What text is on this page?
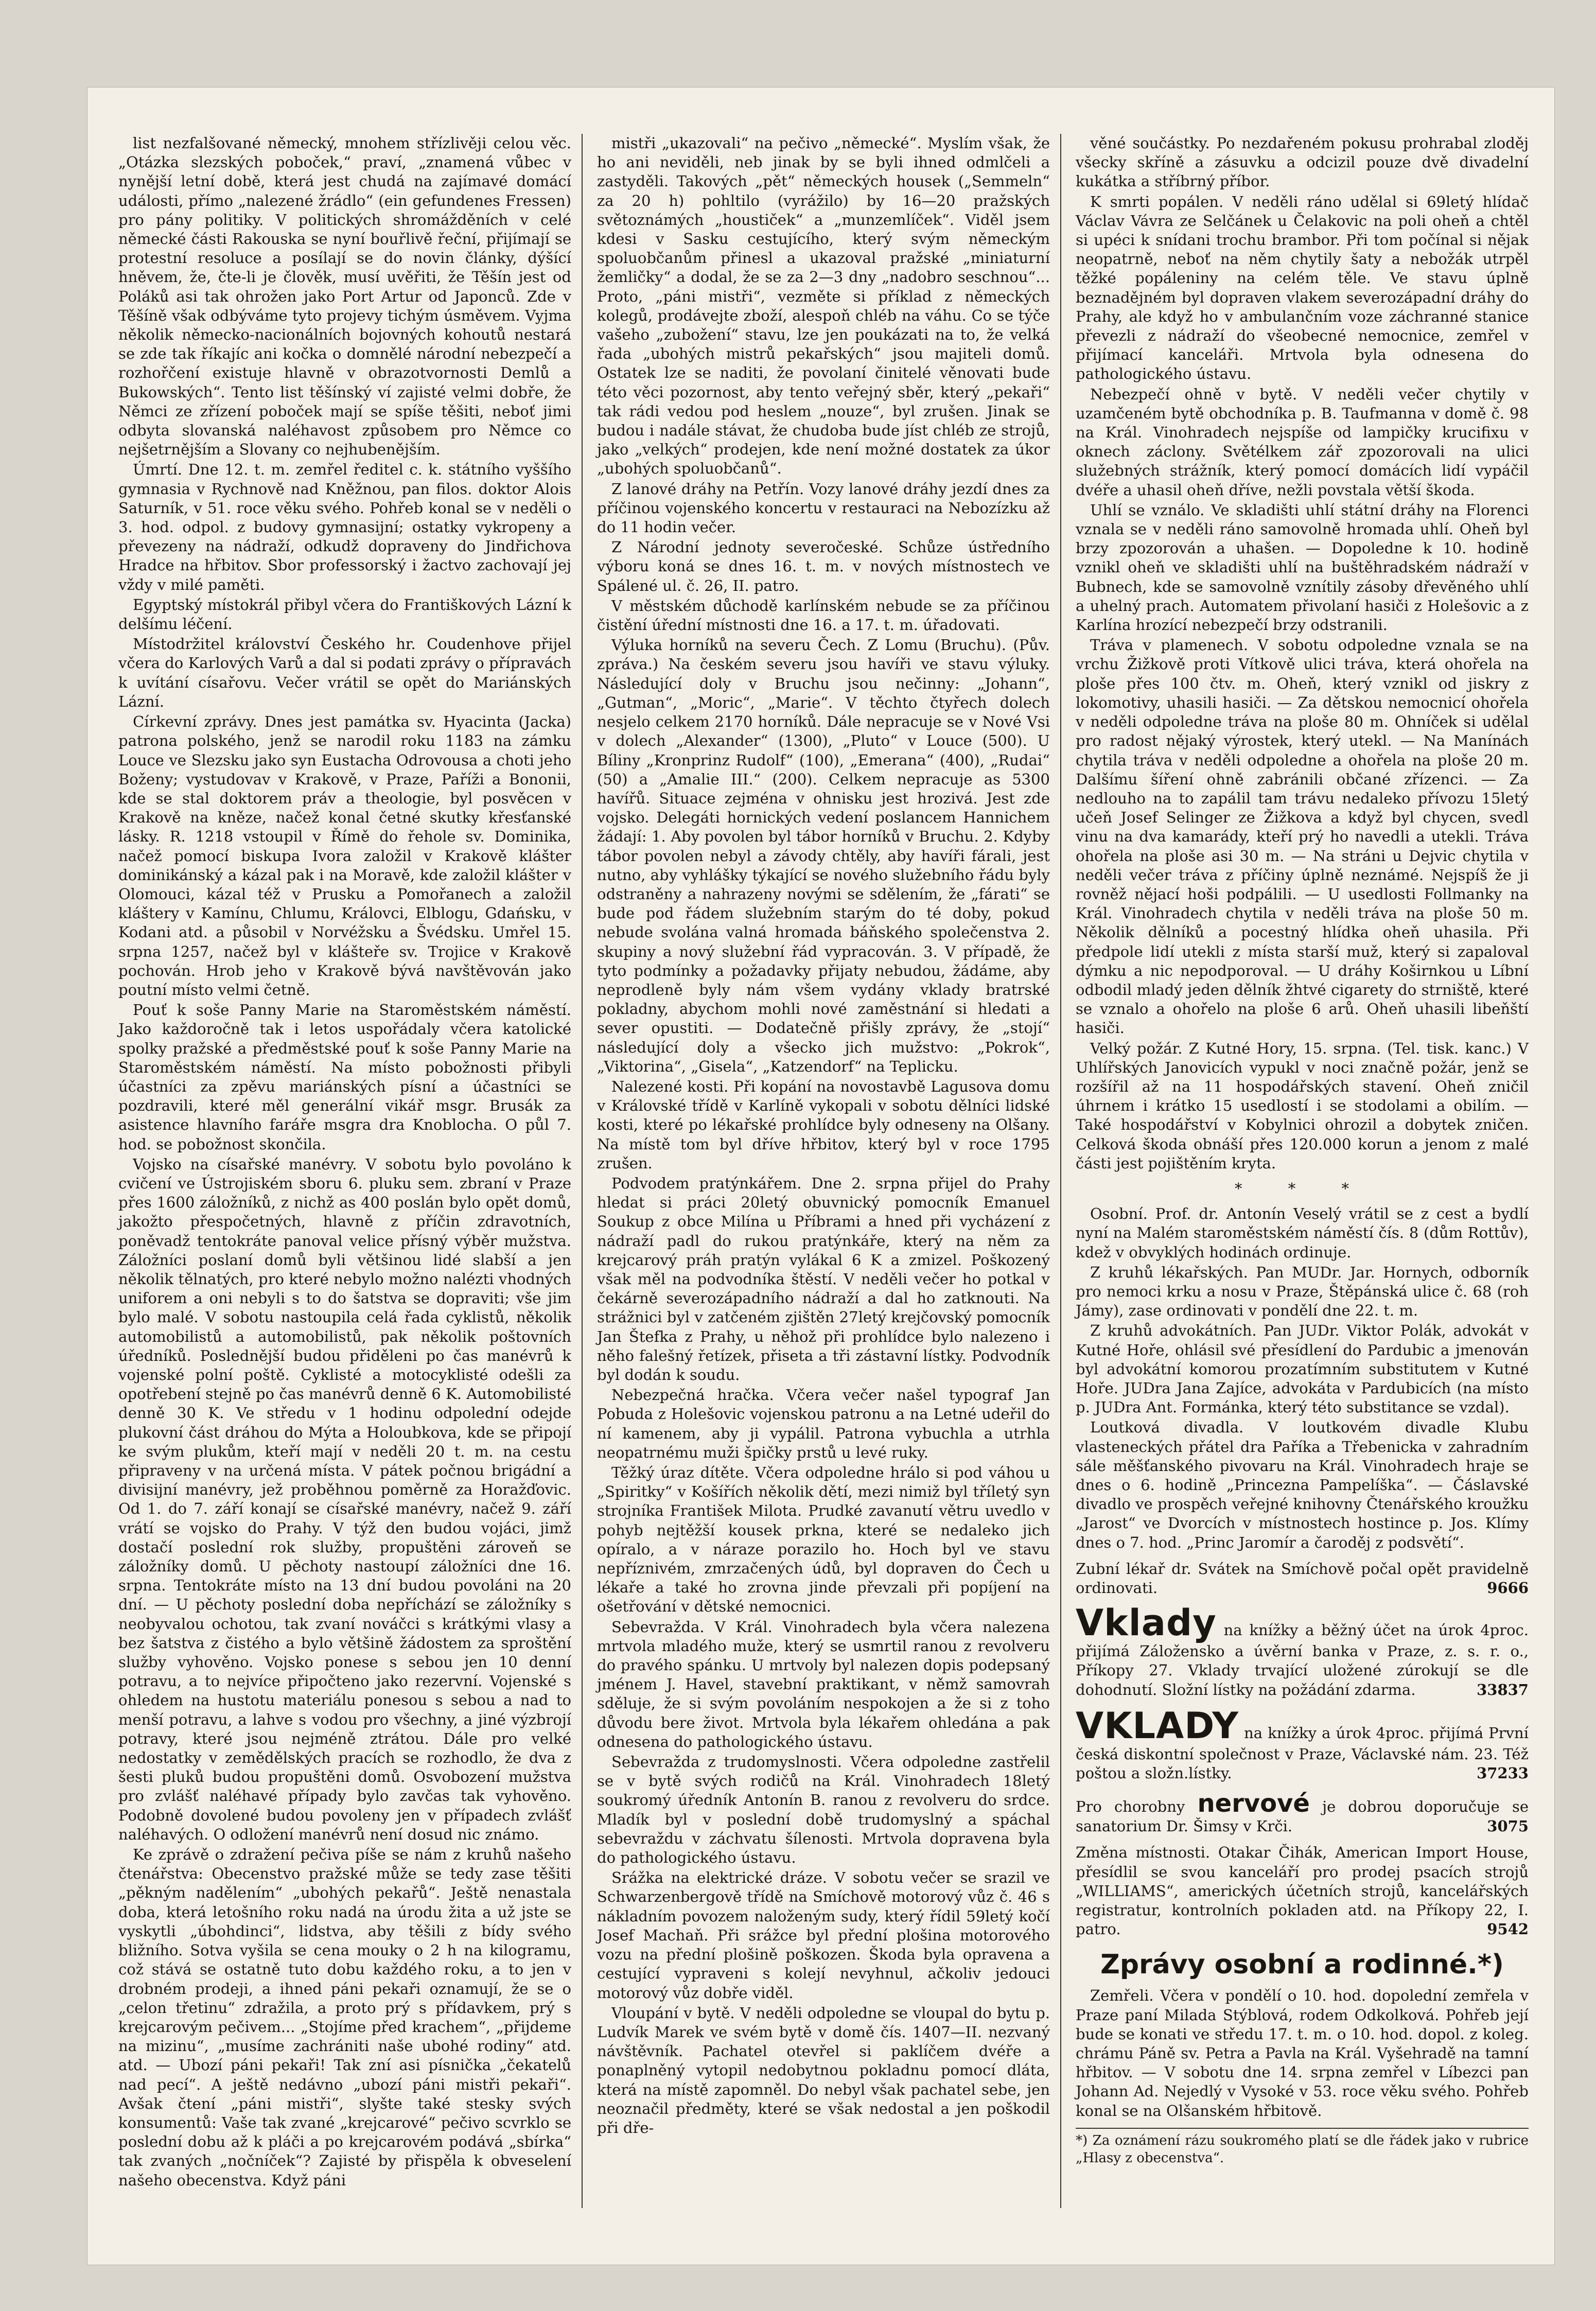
list nezfalšované německý, mnohem střízlivěji celou věc. „Otázka slezských poboček,“ praví, „znamená vůbec v nynější letní době, která jest chudá na zajímavé domácí události, přímo „nalezené žrádlo“ (ein gefundenes Fressen) pro pány politiky. V politických shromážděních v celé německé části Rakouska se nyní bouřlivě řeční, přijímají se protestní resoluce a posílají se do novin články, dýšící hněvem, že, čte-li je člověk, musí uvěřiti, že Těšín jest od Poláků asi tak ohrožen jako Port Artur od Japonců. Zde v Těšíně však odbýváme tyto projevy tichým úsměvem. Vyjma několik německo-nacionálních bojovných kohoutů nestará se zde tak říkajíc ani kočka o domnělé národní nebezpečí a rozhořčení existuje hlavně v obrazotvornosti Demlů a Bukowských“. Tento list těšínský ví zajisté velmi dobře, že Němci ze zřízení poboček mají se spíše těšiti, neboť jimi odbyta slovanská naléhavost způsobem pro Němce co nejšetrnějším a Slovany co nejhubenějším.

Úmrtí. Dne 12. t. m. zemřel ředitel c. k. státního vyššího gymnasia v Rychnově nad Kněžnou, pan filos. doktor Alois Saturník, v 51. roce věku svého. Pohřeb konal se v neděli o 3. hod. odpol. z budovy gymnasijní; ostatky vykropeny a převezeny na nádraží, odkudž dopraveny do Jindřichova Hradce na hřbitov. Sbor professorský i žactvo zachovají jej vždy v milé paměti.

Egyptský místokrál přibyl včera do Františkových Lázní k delšímu léčení.

Místodržitel království Českého hr. Coudenhove přijel včera do Karlových Varů a dal si podati zprávy o přípravách k uvítání císařovu. Večer vrátil se opět do Mariánských Lázní.

Církevní zprávy. Dnes jest památka sv. Hyacinta (Jacka) patrona polského, jenž se narodil roku 1183 na zámku Louce ve Slezsku jako syn Eustacha Odrovousa a choti jeho Boženy; vystudovav v Krakově, v Praze, Paříži a Bononii, kde se stal doktorem práv a theologie, byl posvěcen v Krakově na kněze, načež konal četné skutky křesťanské lásky. R. 1218 vstoupil v Římě do řehole sv. Dominika, načež pomocí biskupa Ivora založil v Krakově klášter dominikánský a kázal pak i na Moravě, kde založil klášter v Olomouci, kázal též v Prusku a Pomořanech a založil kláštery v Kamínu, Chlumu, Královci, Elblogu, Gdańsku, v Kodani atd. a působil v Norvéžsku a Švédsku. Umřel 15. srpna 1257, načež byl v klášteře sv. Trojice v Krakově pochován. Hrob jeho v Krakově bývá navštěvován jako poutní místo velmi četně.

Pouť k soše Panny Marie na Staroměstském náměstí. Jako každoročně tak i letos uspořádaly včera katolické spolky pražské a předměstské pouť k soše Panny Marie na Staroměstském náměstí. Na místo pobožnosti přibyli účastníci za zpěvu mariánských písní a účastníci se pozdravili, které měl generální vikář msgr. Brusák za asistence hlavního faráře msgra dra Knoblocha. O půl 7. hod. se pobožnost skončila.

Vojsko na císařské manévry. V sobotu bylo povoláno k cvičení ve Ústrojiském sboru 6. pluku sem. zbraní v Praze přes 1600 záložníků, z nichž as 400 poslán bylo opět domů, jakožto přespočetných, hlavně z příčin zdravotních, poněvadž tentokráte panoval velice přísný výběr mužstva. Záložníci poslaní domů byli většinou lidé slabší a jen několik tělnatých, pro které nebylo možno nalézti vhodných uniforem a oni nebyli s to do šatstva se dopraviti; vše jim bylo malé. V sobotu nastoupila celá řada cyklistů, několik automobilistů a automobilistů, pak několik poštovních úředníků. Poslednější budou přiděleni po čas manévrů k vojenské polní poště. Cyklisté a motocyklisté odešli za opotřebení stejně po čas manévrů denně 6 K. Automobilisté denně 30 K. Ve středu v 1 hodinu odpolední odejde plukovní část dráhou do Mýta a Holoubkova, kde se připojí ke svým plukům, kteří mají v neděli 20 t. m. na cestu připraveny v na určená místa. V pátek počnou brigádní a divisijní manévry, jež proběhnou poměrně za Horažďovic. Od 1. do 7. září konají se císařské manévry, načež 9. září vrátí se vojsko do Prahy. V týž den budou vojáci, jimž dostačí poslední rok služby, propuštěni zároveň se záložníky domů. U pěchoty nastoupí záložníci dne 16. srpna. Tentokráte místo na 13 dní budou povoláni na 20 dní. — U pěchoty poslední doba nepříchází se záložníky s neobyvalou ochotou, tak zvaní nováčci s krátkými vlasy a bez šatstva z čistého a bylo většině žádostem za sproštění služby vyhověno. Vojsko ponese s sebou jen 10 denní potravu, a to nejvíce připočteno jako rezervní. Vojenské s ohledem na hustotu materiálu ponesou s sebou a nad to menší potravu, a lahve s vodou pro všechny, a jiné výzbrojí potravy, které jsou nejméně ztrátou. Dále pro velké nedostatky v zemědělských pracích se rozhodlo, že dva z šesti pluků budou propuštěni domů. Osvobození mužstva pro zvlášť naléhavé případy bylo zavčas tak vyhověno. Podobně dovolené budou povoleny jen v případech zvlášť naléhavých. O odložení manévrů není dosud nic známo.

Ke zprávě o zdražení pečiva píše se nám z kruhů našeho čtenářstva: Obecenstvo pražské může se tedy zase těšiti „pěkným nadělením“ „ubohých pekařů“. Ještě nenastala doba, která letošního roku nadá na úrodu žita a už jste se vyskytli „úbohdinci“, lidstva, aby těšili z bídy svého bližního. Sotva vyšila se cena mouky o 2 h na kilogramu, což stává se ostatně tuto dobu každého roku, a to jen v drobném prodeji, a ihned páni pekaři oznamují, že se o „celon třetinu“ zdražila, a proto prý s přídavkem, prý s krejcarovým pečivem... „Stojíme před krachem“, „přijdeme na mizinu“, „musíme zachrániti naše ubohé rodiny“ atd. atd. — Ubozí páni pekaři! Tak zní asi písnička „čekatelů nad pecí“. A ještě nedávno „ubozí páni mistři pekaři“. Avšak čtení „páni mistři“, slyšte také stesky svých konsumentů: Vaše tak zvané „krejcarové“ pečivo scvrklo se poslední dobu až k pláči a po krejcarovém podává „sbírka“ tak zvaných „nočníček“? Zajisté by přispěla k obveselení našeho obecenstva. Když páni

mistři „ukazovali“ na pečivo „německé“. Myslím však, že ho ani neviděli, neb jinak by se byli ihned odmlčeli a zastyděli. Takových „pět“ německých housek („Semmeln“ za 20 h) pohltilo (vyrážilo) by 16—20 pražských světoznámých „houstiček“ a „munzemlíček“. Viděl jsem kdesi v Sasku cestujícího, který svým německým spoluobčanům přinesl a ukazoval pražské „miniaturní žemličky“ a dodal, že se za 2—3 dny „nadobro seschnou“... Proto, „páni mistři“, vezměte si příklad z německých kolegů, prodávejte zboží, alespoň chléb na váhu. Co se týče vašeho „zubožení“ stavu, lze jen poukázati na to, že velká řada „ubohých mistrů pekařských“ jsou majiteli domů. Ostatek lze se naditi, že povolaní činitelé věnovati bude této věci pozornost, aby tento veřejný sběr, který „pekaři“ tak rádi vedou pod heslem „nouze“, byl zrušen. Jinak se budou i nadále stávat, že chudoba bude jíst chléb ze strojů, jako „velkých“ prodejen, kde není možné dostatek za úkor „ubohých spoluobčanů“.

Z lanové dráhy na Petřín. Vozy lanové dráhy jezdí dnes za příčinou vojenského koncertu v restauraci na Nebozízku až do 11 hodin večer.

Z Národní jednoty severočeské. Schůze ústředního výboru koná se dnes 16. t. m. v nových místnostech ve Spálené ul. č. 26, II. patro.

V městském důchodě karlínském nebude se za příčinou čistění úřední místnosti dne 16. a 17. t. m. úřadovati.

Výluka horníků na severu Čech. Z Lomu (Bruchu). (Pův. zpráva.) Na českém severu jsou havíři ve stavu výluky. Následující doly v Bruchu jsou nečinny: „Johann“, „Gutman“, „Moric“, „Marie“. V těchto čtyřech dolech nesjelo celkem 2170 horníků. Dále nepracuje se v Nové Vsi v dolech „Alexander“ (1300), „Pluto“ v Louce (500). U Bíliny „Kronprinz Rudolf“ (100), „Emerana“ (400), „Rudai“ (50) a „Amalie III.“ (200). Celkem nepracuje as 5300 havířů. Situace zejména v ohnisku jest hrozivá. Jest zde vojsko. Delegáti hornických vedení poslancem Hannichem žádají: 1. Aby povolen byl tábor horníků v Bruchu. 2. Kdyby tábor povolen nebyl a závody chtěly, aby havíři fárali, jest nutno, aby vyhlášky týkající se nového služebního řádu byly odstraněny a nahrazeny novými se sdělením, že „fárati“ se bude pod řádem služebním starým do té doby, pokud nebude svolána valná hromada báňského společenstva 2. skupiny a nový služební řád vypracován. 3. V případě, že tyto podmínky a požadavky přijaty nebudou, žádáme, aby neprodleně byly nám všem vydány vklady bratrské pokladny, abychom mohli nové zaměstnání si hledati a sever opustiti. — Dodatečně přišly zprávy, že „stojí“ následující doly a všecko jich mužstvo: „Pokrok“, „Viktorina“, „Gisela“, „Katzendorf“ na Teplicku.

Nalezené kosti. Při kopání na novostavbě Lagusova domu v Královské třídě v Karlíně vykopali v sobotu dělníci lidské kosti, které po lékařské prohlídce byly odneseny na Olšany. Na místě tom byl dříve hřbitov, který byl v roce 1795 zrušen.

Podvodem pratýnkářem. Dne 2. srpna přijel do Prahy hledat si práci 20letý obuvnický pomocník Emanuel Soukup z obce Milína u Příbrami a hned při vycházení z nádraží padl do rukou pratýnkáře, který na něm za krejcarový práh pratýn vylákal 6 K a zmizel. Poškozený však měl na podvodníka štěstí. V neděli večer ho potkal v čekárně severozápadního nádraží a dal ho zatknouti. Na strážnici byl v zatčeném zjištěn 27letý krejčovský pomocník Jan Štefka z Prahy, u něhož při prohlídce bylo nalezeno i něho falešný řetízek, přiseta a tři zástavní lístky. Podvodník byl dodán k soudu.

Nebezpečná hračka. Včera večer našel typograf Jan Pobuda z Holešovic vojenskou patronu a na Letné udeřil do ní kamenem, aby ji vypálil. Patrona vybuchla a utrhla neopatrnému muži špičky prstů u levé ruky.

Těžký úraz dítěte. Včera odpoledne hrálo si pod váhou u „Spiritky“ v Košířích několik dětí, mezi nimiž byl tříletý syn strojníka František Milota. Prudké zavanutí větru uvedlo v pohyb nejtěžší kousek prkna, které se nedaleko jich opíralo, a v náraze porazilo ho. Hoch byl ve stavu nepříznivém, zmrzačených údů, byl dopraven do Čech u lékaře a také ho zrovna jinde převzali při popíjení na ošetřování v dětské nemocnici.

Sebevražda. V Král. Vinohradech byla včera nalezena mrtvola mladého muže, který se usmrtil ranou z revolveru do pravého spánku. U mrtvoly byl nalezen dopis podepsaný jménem J. Havel, stavební praktikant, v němž samovrah sděluje, že si svým povoláním nespokojen a že si z toho důvodu bere život. Mrtvola byla lékařem ohledána a pak odnesena do pathologického ústavu.

Sebevražda z trudomyslnosti. Včera odpoledne zastřelil se v bytě svých rodičů na Král. Vinohradech 18letý soukromý úředník Antonín B. ranou z revolveru do srdce. Mladík byl v poslední době trudomyslný a spáchal sebevraždu v záchvatu šílenosti. Mrtvola dopravena byla do pathologického ústavu.

Srážka na elektrické dráze. V sobotu večer se srazil ve Schwarzenbergově třídě na Smíchově motorový vůz č. 46 s nákladním povozem naloženým sudy, který řídil 59letý kočí Josef Machaň. Při srážce byl přední plošina motorového vozu na přední plošině poškozen. Škoda byla opravena a cestující vypraveni s kolejí nevyhnul, ačkoliv jedouci motorový vůz dobře viděl.

Vloupání v bytě. V neděli odpoledne se vloupal do bytu p. Ludvík Marek ve svém bytě v domě čís. 1407—II. nezvaný návštěvník. Pachatel otevřel si paklíčem dvéře a ponaplněný vytopil nedobytnou pokladnu pomocí dláta, která na místě zapomněl. Do nebyl však pachatel sebe, jen neoznačil předměty, které se však nedostal a jen poškodil při dře-

věné součástky. Po nezdařeném pokusu prohrabal zloděj všecky skříně a zásuvku a odcizil pouze dvě divadelní kukátka a stříbrný příbor.

K smrti popálen. V neděli ráno udělal si 69letý hlídač Václav Vávra ze Selčánek u Čelakovic na poli oheň a chtěl si upéci k snídani trochu brambor. Při tom počínal si nějak neopatrně, neboť na něm chytily šaty a nebožák utrpěl těžké popáleniny na celém těle. Ve stavu úplně beznadějném byl dopraven vlakem severozápadní dráhy do Prahy, ale když ho v ambulančním voze záchranné stanice převezli z nádraží do všeobecné nemocnice, zemřel v přijímací kanceláři. Mrtvola byla odnesena do pathologického ústavu.

Nebezpečí ohně v bytě. V neděli večer chytily v uzamčeném bytě obchodníka p. B. Taufmanna v domě č. 98 na Král. Vinohradech nejspíše od lampičky krucifixu v oknech záclony. Světélkem zář zpozorovali na ulici služebných strážník, který pomocí domácích lidí vypáčil dvéře a uhasil oheň dříve, nežli povstala větší škoda.

Uhlí se vználo. Ve skladišti uhlí státní dráhy na Florenci vznala se v neděli ráno samovolně hromada uhlí. Oheň byl brzy zpozorován a uhašen. — Dopoledne k 10. hodině vznikl oheň ve skladišti uhlí na buštěhradském nádraží v Bubnech, kde se samovolně vznítily zásoby dřevěného uhlí a uhelný prach. Automatem přivolaní hasiči z Holešovic a z Karlína hrozící nebezpečí brzy odstranili.

Tráva v plamenech. V sobotu odpoledne vznala se na vrchu Žižkově proti Vítkově ulici tráva, která ohořela na ploše přes 100 čtv. m. Oheň, který vznikl od jiskry z lokomotivy, uhasili hasiči. — Za dětskou nemocnicí ohořela v neděli odpoledne tráva na ploše 80 m. Ohníček si udělal pro radost nějaký výrostek, který utekl. — Na Manínách chytila tráva v neděli odpoledne a ohořela na ploše 20 m. Dalšímu šíření ohně zabránili občané zřízenci. — Za nedlouho na to zapálil tam trávu nedaleko přívozu 15letý učeň Josef Selinger ze Žižkova a když byl chycen, svedl vinu na dva kamarády, kteří prý ho navedli a utekli. Tráva ohořela na ploše asi 30 m. — Na stráni u Dejvic chytila v neděli večer tráva z příčiny úplně neznámé. Nejspíš že ji rovněž nějací hoši podpálili. — U usedlosti Follmanky na Král. Vinohradech chytila v neděli tráva na ploše 50 m. Několik dělníků a pocestný hlídka oheň uhasila. Při předpole lidí utekli z místa starší muž, který si zapaloval dýmku a nic nepodporoval. — U dráhy Koširnkou u Líbní odbodil mladý jeden dělník žhtvé cigarety do strniště, které se vznalo a ohořelo na ploše 6 arů. Oheň uhasili libeňští hasiči.

Velký požár. Z Kutné Hory, 15. srpna. (Tel. tisk. kanc.) V Uhlířských Janovicích vypukl v noci značně požár, jenž se rozšířil až na 11 hospodářských stavení. Oheň zničil úhrnem i krátko 15 usedlostí i se stodolami a obilím. — Také hospodářství v Kobylnici ohrozil a dobytek zničen. Celková škoda obnáší přes 120.000 korun a jenom z malé části jest pojištěním kryta.

* * *

Osobní. Prof. dr. Antonín Veselý vrátil se z cest a bydlí nyní na Malém staroměstském náměstí čís. 8 (dům Rottův), kdež v obvyklých hodinách ordinuje.

Z kruhů lékařských. Pan MUDr. Jar. Hornych, odborník pro nemoci krku a nosu v Praze, Štěpánská ulice č. 68 (roh Jámy), zase ordinovati v pondělí dne 22. t. m.

Z kruhů advokátních. Pan JUDr. Viktor Polák, advokát v Kutné Hoře, ohlásil své přesídlení do Pardubic a jmenován byl advokátní komorou prozatímním substitutem v Kutné Hoře. JUDra Jana Zajíce, advokáta v Pardubicích (na místo p. JUDra Ant. Formánka, který této substitance se vzdal).

Loutková divadla. V loutkovém divadle Klubu vlasteneckých přátel dra Paříka a Třebenicka v zahradním sále měšťanského pivovaru na Král. Vinohradech hraje se dnes o 6. hodině „Princezna Pampelíška“. — Čáslavské divadlo ve prospěch veřejné knihovny Čtenářského kroužku „Jarost“ ve Dvorcích v místnostech hostince p. Jos. Klímy dnes o 7. hod. „Princ Jaromír a čaroděj z podsvětí“.

Zubní lékař dr. Svátek na Smíchově počal opět pravidelně ordinovati.	9666
Vklady na knížky a běžný účet na úrok 4proc. přijímá Záložensko a úvěrní banka v Praze, z. s. r. o., Příkopy 27. Vklady trvající uložené zúrokují se dle dohodnutí. Složní lístky na požádání zdarma.	33837
VKLADY na knížky a úrok 4proc. přijímá První česká diskontní společnost v Praze, Václavské nám. 23. Též poštou a složn.lístky.	37233
Pro chorobny nervové je dobrou doporučuje se sanatorium Dr. Šimsy v Krči.	3075
Změna místnosti. Otakar Čihák, American Import House, přesídlil se svou kanceláří pro prodej psacích strojů „WILLIAMS“, amerických účetních strojů, kancelářských registratur, kontrolních pokladen atd. na Příkopy 22, I. patro.	9542
Zprávy osobní a rodinné.*)

Zemřeli. Včera v pondělí o 10. hod. dopolední zemřela v Praze paní Milada Stýblová, rodem Odkolková. Pohřeb její bude se konati ve středu 17. t. m. o 10. hod. dopol. z koleg. chrámu Páně sv. Petra a Pavla na Král. Vyšehradě na tamní hřbitov. — V sobotu dne 14. srpna zemřel v Líbezci pan Johann Ad. Nejedlý v Vysoké v 53. roce věku svého. Pohřeb konal se na Olšanském hřbitově.

*) Za oznámení rázu soukromého platí se dle řádek jako v rubrice „Hlasy z obecenstva“.
